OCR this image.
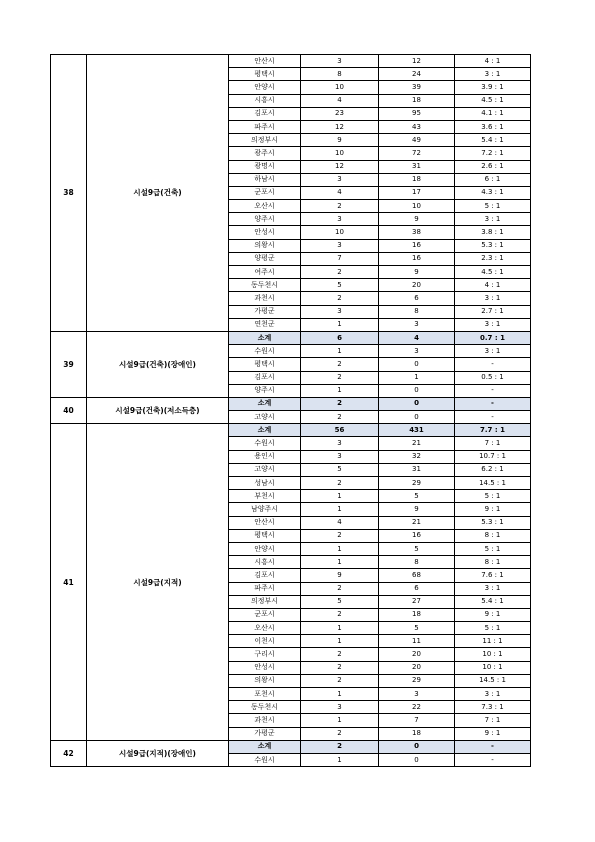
38	시설9급(건축)	안산시	3	12	4 : 1
		평택시	8	24	3 : 1
		안양시	10	39	3.9 : 1
		시흥시	4	18	4.5 : 1
		김포시	23	95	4.1 : 1
		파주시	12	43	3.6 : 1
		의정부시	9	49	5.4 : 1
		광주시	10	72	7.2 : 1
		광명시	12	31	2.6 : 1
		하남시	3	18	6 : 1
		군포시	4	17	4.3 : 1
		오산시	2	10	5 : 1
		양주시	3	9	3 : 1
		안성시	10	38	3.8 : 1
		의왕시	3	16	5.3 : 1
		양평군	7	16	2.3 : 1
		여주시	2	9	4.5 : 1
		동두천시	5	20	4 : 1
		과천시	2	6	3 : 1
		가평군	3	8	2.7 : 1
		연천군	1	3	3 : 1
39	시설9급(건축)(장애인)	소계	6	4	0.7 : 1
		수원시	1	3	3 : 1
		평택시	2	0	-
		김포시	2	1	0.5 : 1
		양주시	1	0	-
40	시설9급(건축)(저소득층)	소계	2	0	-
		고양시	2	0	-
41	시설9급(지적)	소계	56	431	7.7 : 1
		수원시	3	21	7 : 1
		용인시	3	32	10.7 : 1
		고양시	5	31	6.2 : 1
		성남시	2	29	14.5 : 1
		부천시	1	5	5 : 1
		남양주시	1	9	9 : 1
		안산시	4	21	5.3 : 1
		평택시	2	16	8 : 1
		안양시	1	5	5 : 1
		시흥시	1	8	8 : 1
		김포시	9	68	7.6 : 1
		파주시	2	6	3 : 1
		의정부시	5	27	5.4 : 1
		군포시	2	18	9 : 1
		오산시	1	5	5 : 1
		이천시	1	11	11 : 1
		구리시	2	20	10 : 1
		안성시	2	20	10 : 1
		의왕시	2	29	14.5 : 1
		포천시	1	3	3 : 1
		동두천시	3	22	7.3 : 1
		과천시	1	7	7 : 1
		가평군	2	18	9 : 1
42	시설9급(지적)(장애인)	소계	2	0	-
		수원시	1	0	-
